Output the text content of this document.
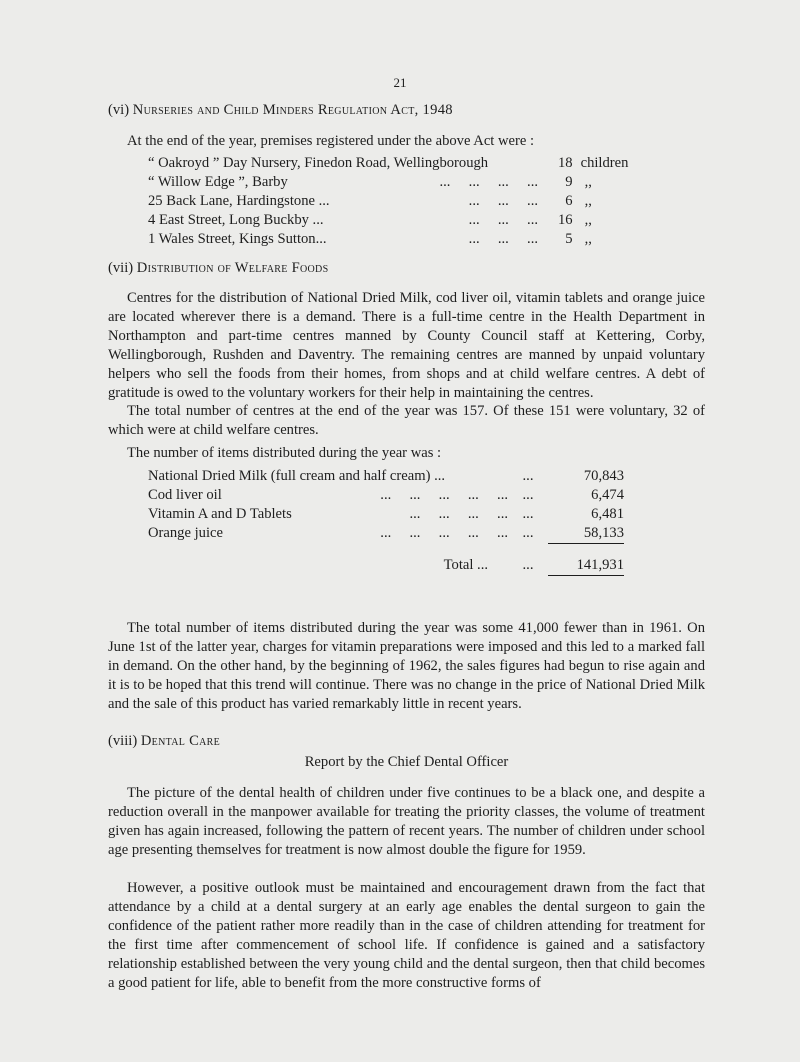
21
(vi) Nurseries and Child Minders Regulation Act, 1948

At the end of the year, premises registered under the above Act were :

“ Oakroyd ” Day Nursery, Finedon Road, Wellingborough		18	children
“ Willow Edge ”, Barby ...     ...     ...     ...		9	,,
25 Back Lane, Hardingstone ... ...     ...     ...		6	,,
4 East Street, Long Buckby ... ...     ...     ...		16	,,
1 Wales Street, Kings Sutton... ...     ...     ...		5	,,
(vii) Distribution of Welfare Foods

Centres for the distribution of National Dried Milk, cod liver oil, vitamin tablets and orange juice are located wherever there is a demand. There is a full-time centre in the Health Department in Northampton and part-time centres manned by County Council staff at Kettering, Corby, Wellingborough, Rushden and Daventry. The remaining centres are manned by unpaid voluntary helpers who sell the foods from their homes, from shops and at child welfare centres. A debt of gratitude is owed to the voluntary workers for their help in maintaining the centres.

The total number of centres at the end of the year was 157. Of these 151 were voluntary, 32 of which were at child welfare centres.

The number of items distributed during the year was :

National Dried Milk (full cream and half cream) ...	...	70,843
Cod liver oil ...     ...     ...     ...     ...	...	6,474
Vitamin A and D Tablets ...     ...     ...     ...	...	6,481
Orange juice ...     ...     ...     ...     ...	...	58,133

Total ...	...	141,931

The total number of items distributed during the year was some 41,000 fewer than in 1961. On June 1st of the latter year, charges for vitamin preparations were imposed and this led to a marked fall in demand. On the other hand, by the beginning of 1962, the sales figures had begun to rise again and it is to be hoped that this trend will continue. There was no change in the price of National Dried Milk and the sale of this product has varied remarkably little in recent years.

(viii) Dental Care
Report by the Chief Dental Officer

The picture of the dental health of children under five continues to be a black one, and despite a reduction overall in the manpower available for treating the priority classes, the volume of treatment given has again increased, following the pattern of recent years. The number of children under school age presenting themselves for treatment is now almost double the figure for 1959.

However, a positive outlook must be maintained and encouragement drawn from the fact that attendance by a child at a dental surgery at an early age enables the dental surgeon to gain the confidence of the patient rather more readily than in the case of children attending for treatment for the first time after commencement of school life. If confidence is gained and a satisfactory relationship established between the very young child and the dental surgeon, then that child becomes a good patient for life, able to benefit from the more constructive forms of
